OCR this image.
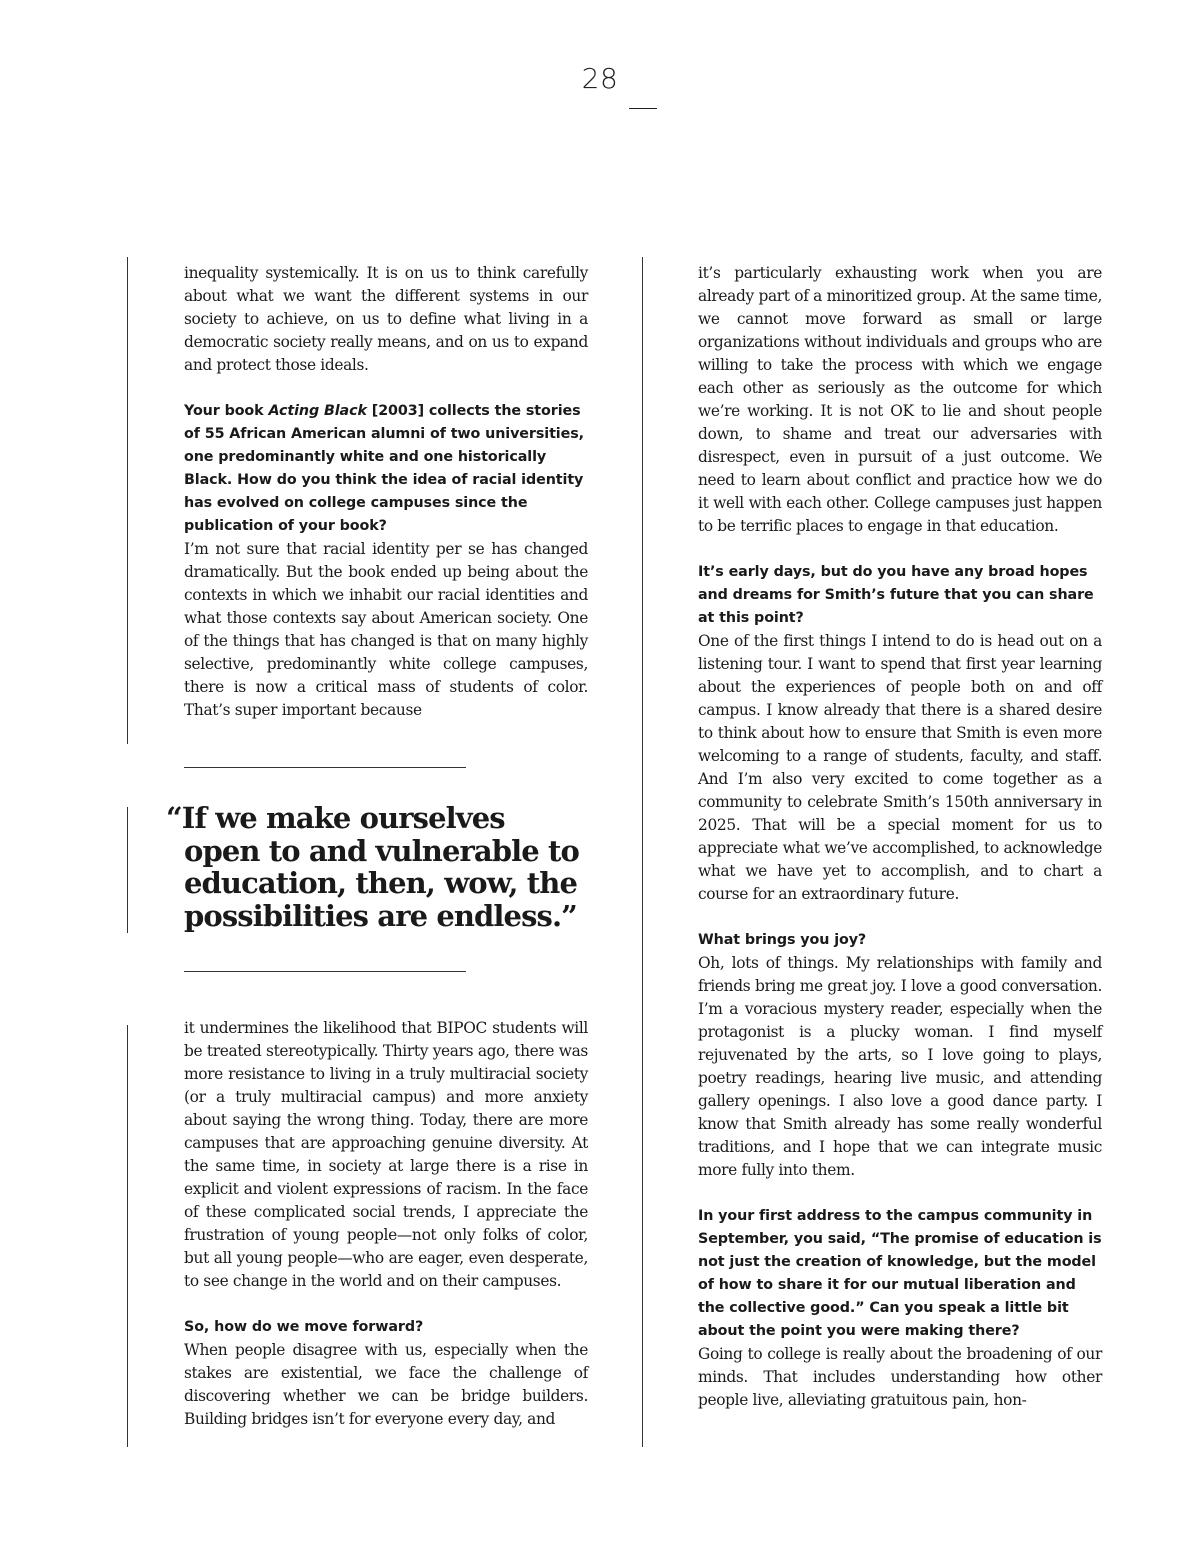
28

inequality systemically. It is on us to think carefully about what we want the different systems in our society to achieve, on us to define what living in a democratic society really means, and on us to expand and protect those ideals.

Your book Acting Black [2003] collects the stories of 55 African American alumni of two universities, one predominantly white and one historically Black. How do you think the idea of racial identity has evolved on college campuses since the publication of your book?

I’m not sure that racial identity per se has changed dramatically. But the book ended up being about the contexts in which we inhabit our racial identities and what those contexts say about American society. One of the things that has changed is that on many highly selective, predominantly white college campuses, there is now a critical mass of students of color. That’s super important because

“If we make ourselves
open to and vulnerable to
education, then, wow, the
possibilities are endless.”

it undermines the likelihood that BIPOC students will be treated stereotypically. Thirty years ago, there was more resistance to living in a truly multiracial society (or a truly multiracial campus) and more anxiety about saying the wrong thing. Today, there are more campuses that are approaching genuine diversity. At the same time, in society at large there is a rise in explicit and violent expressions of racism. In the face of these complicated social trends, I appreciate the frustration of young people—not only folks of color, but all young people—who are eager, even desperate, to see change in the world and on their campuses.

So, how do we move forward?

When people disagree with us, especially when the stakes are existential, we face the challenge of discovering whether we can be bridge builders. Building bridges isn’t for everyone every day, and

it’s particularly exhausting work when you are already part of a minoritized group. At the same time, we cannot move forward as small or large organizations without individuals and groups who are willing to take the process with which we engage each other as seriously as the outcome for which we’re working. It is not OK to lie and shout people down, to shame and treat our adversaries with disrespect, even in pursuit of a just outcome. We need to learn about conflict and practice how we do it well with each other. College campuses just happen to be terrific places to engage in that education.

It’s early days, but do you have any broad hopes and dreams for Smith’s future that you can share at this point?

One of the first things I intend to do is head out on a listening tour. I want to spend that first year learning about the experiences of people both on and off campus. I know already that there is a shared desire to think about how to ensure that Smith is even more welcoming to a range of students, faculty, and staff. And I’m also very excited to come together as a community to celebrate Smith’s 150th anniversary in 2025. That will be a special moment for us to appreciate what we’ve accomplished, to acknowledge what we have yet to accomplish, and to chart a course for an extraordinary future.

What brings you joy?

Oh, lots of things. My relationships with family and friends bring me great joy. I love a good conversation. I’m a voracious mystery reader, especially when the protagonist is a plucky woman. I find myself rejuvenated by the arts, so I love going to plays, poetry readings, hearing live music, and attending gallery openings. I also love a good dance party. I know that Smith already has some really wonderful traditions, and I hope that we can integrate music more fully into them.

In your first address to the campus community in September, you said, “The promise of education is not just the creation of knowledge, but the model of how to share it for our mutual liberation and the collective good.” Can you speak a little bit about the point you were making there?

Going to college is really about the broadening of our minds. That includes understanding how other people live, alleviating gratuitous pain, hon-
